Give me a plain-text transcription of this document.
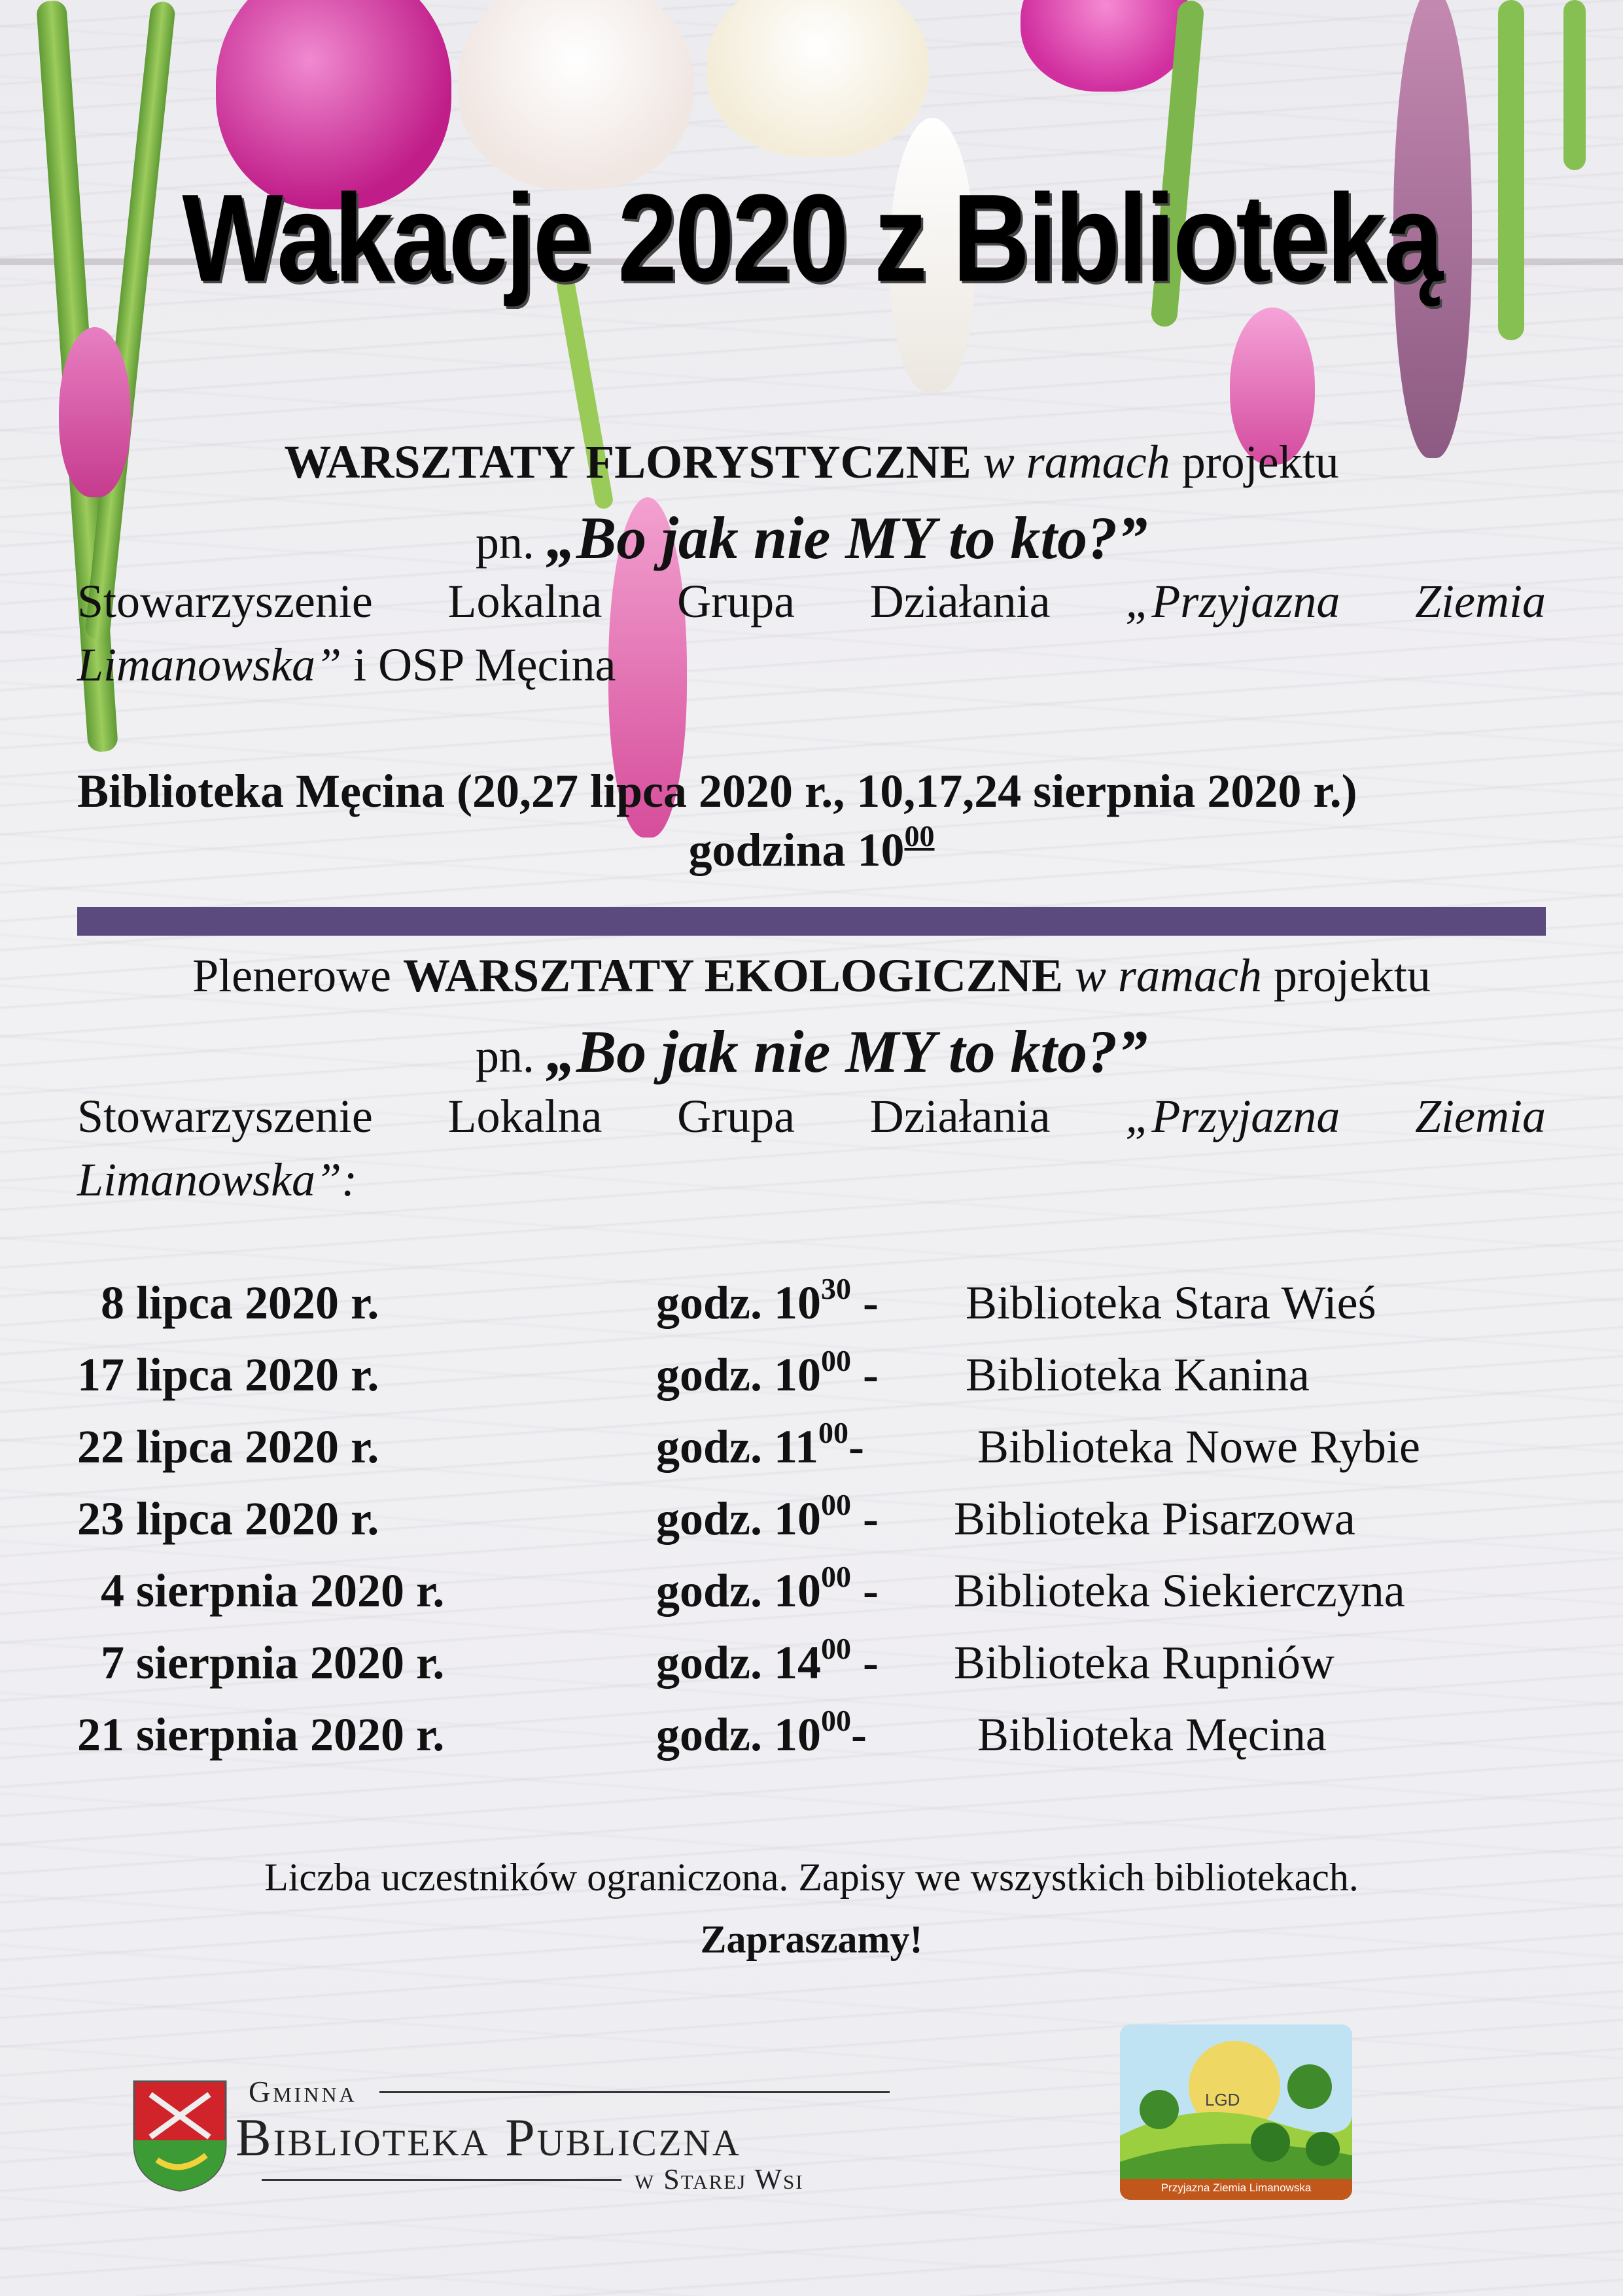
Wakacje 2020 z Biblioteką
WARSZTATY FLORYSTYCZNE w ramach projektu
pn. „Bo jak nie MY to kto?”
Stowarzyszenie Lokalna Grupa Działania „Przyjazna Ziemia
Limanowska” i OSP Męcina
Biblioteka Męcina (20,27 lipca 2020 r., 10,17,24 sierpnia 2020 r.)
godzina $10^{00}$
Plenerowe WARSZTATY EKOLOGICZNE w ramach projektu
pn. „Bo jak nie MY to kto?”
Stowarzyszenie Lokalna Grupa Działania „Przyjazna Ziemia
Limanowska”:
8 lipca 2020 r.	godz. $10^{30}$ -	Biblioteka Stara Wieś
17 lipca 2020 r.	godz. $10^{00}$ -	Biblioteka Kanina
22 lipca 2020 r.	godz. $11^{00}-$	Biblioteka Nowe Rybie
23 lipca 2020 r.	godz. $10^{00}$ -	Biblioteka Pisarzowa
4 sierpnia 2020 r.	godz. $10^{00}$ -	Biblioteka Siekierczyna
7 sierpnia 2020 r.	godz. $14^{00}$ -	Biblioteka Rupniów
21 sierpnia 2020 r.	godz. $10^{00}-$	Biblioteka Męcina
Liczba uczestników ograniczona. Zapisy we wszystkich bibliotekach.
Zapraszamy!
Gminna
Biblioteka Publiczna
w Starej Wsi
LGD
Przyjazna Ziemia Limanowska
